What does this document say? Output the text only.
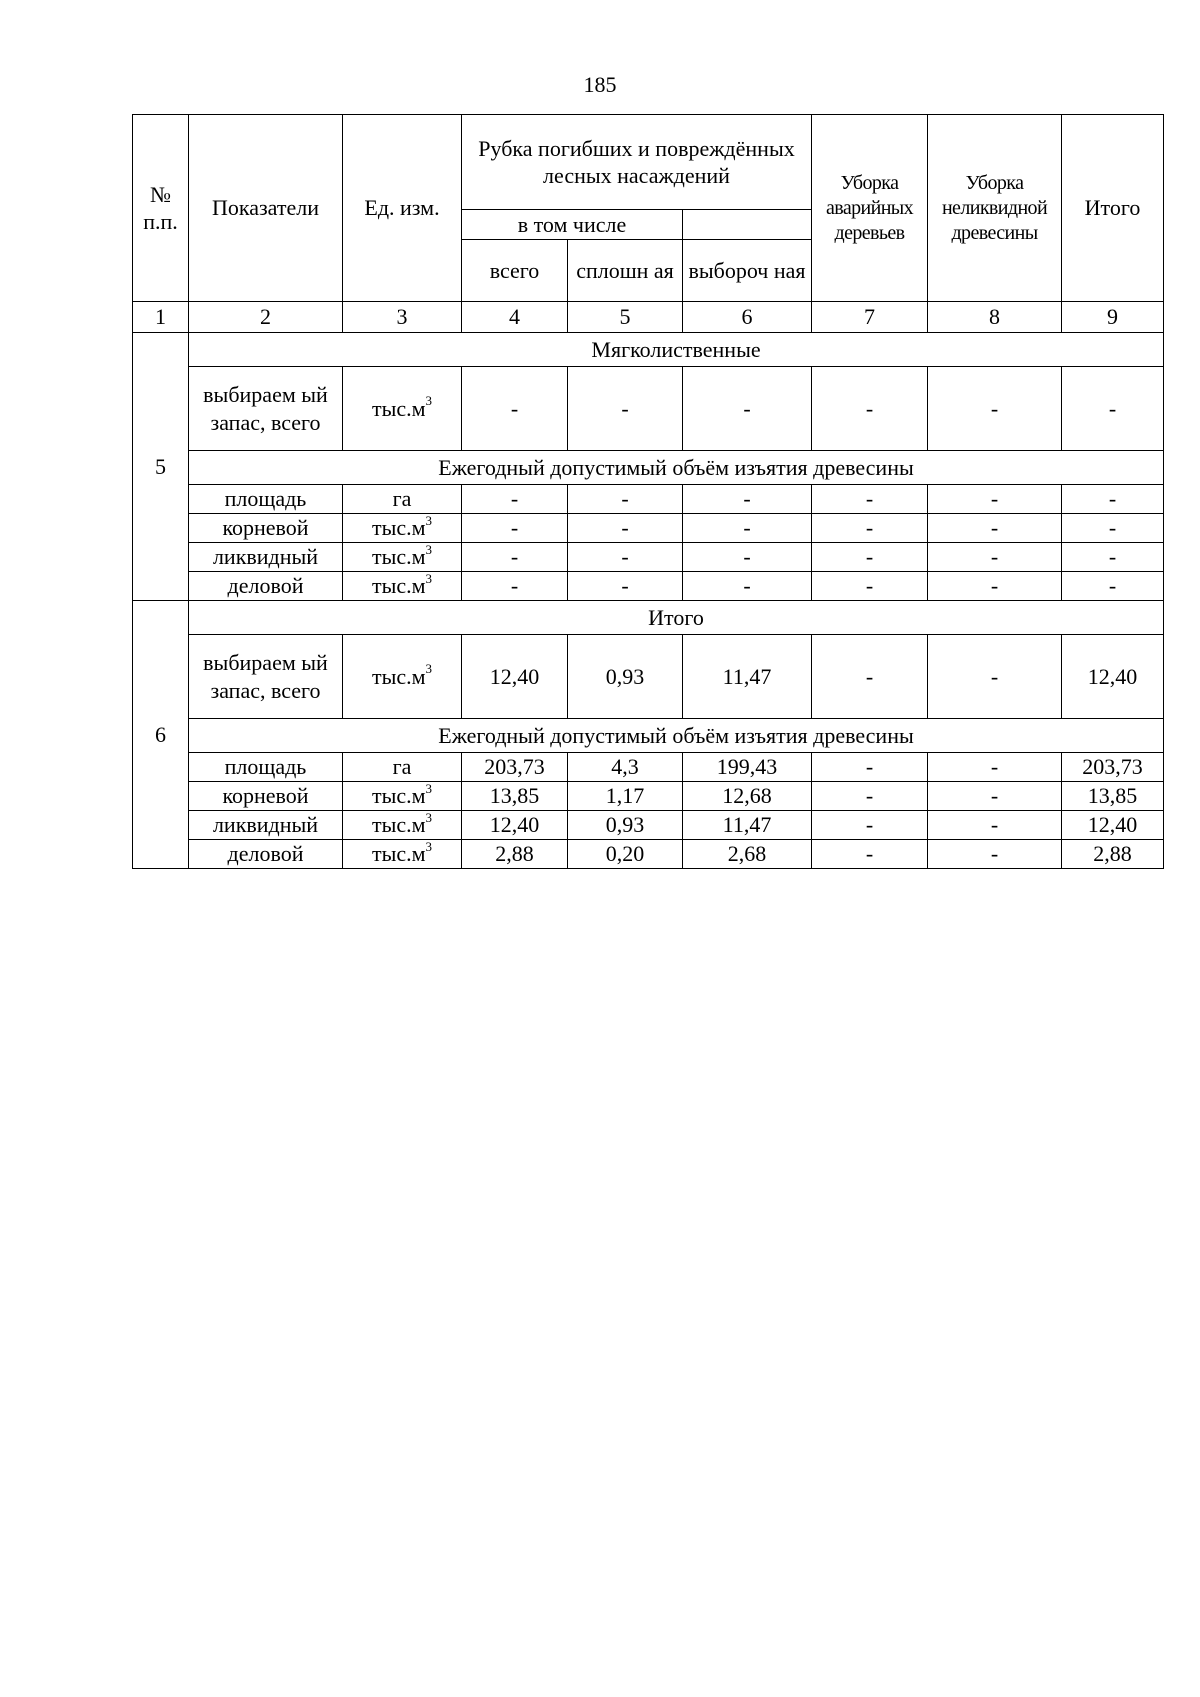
185
№ п.п.	Показатели	Ед. изм.	Рубка погибших и повреждённых лесных насаждений			Уборка аварийных деревьев	Уборка неликвидной древесины	Итого
			в том числе					
			всего	сплошн ая	выбороч ная			
1	2	3	4	5	6	7	8	9
5	Мягколиственные							
	выбираем ый запас, всего	$тыс.м^3$	-	-	-	-	-	-
	Ежегодный допустимый объём изъятия древесины							
	площадь	га	-	-	-	-	-	-
	корневой	$тыс.м^3$	-	-	-	-	-	-
	ликвидный	$тыс.м^3$	-	-	-	-	-	-
	деловой	$тыс.м^3$	-	-	-	-	-	-
6	Итого							
	выбираем ый запас, всего	$тыс.м^3$	12,40	0,93	11,47	-	-	12,40
	Ежегодный допустимый объём изъятия древесины							
	площадь	га	203,73	4,3	199,43	-	-	203,73
	корневой	$тыс.м^3$	13,85	1,17	12,68	-	-	13,85
	ликвидный	$тыс.м^3$	12,40	0,93	11,47	-	-	12,40
	деловой	$тыс.м^3$	2,88	0,20	2,68	-	-	2,88
